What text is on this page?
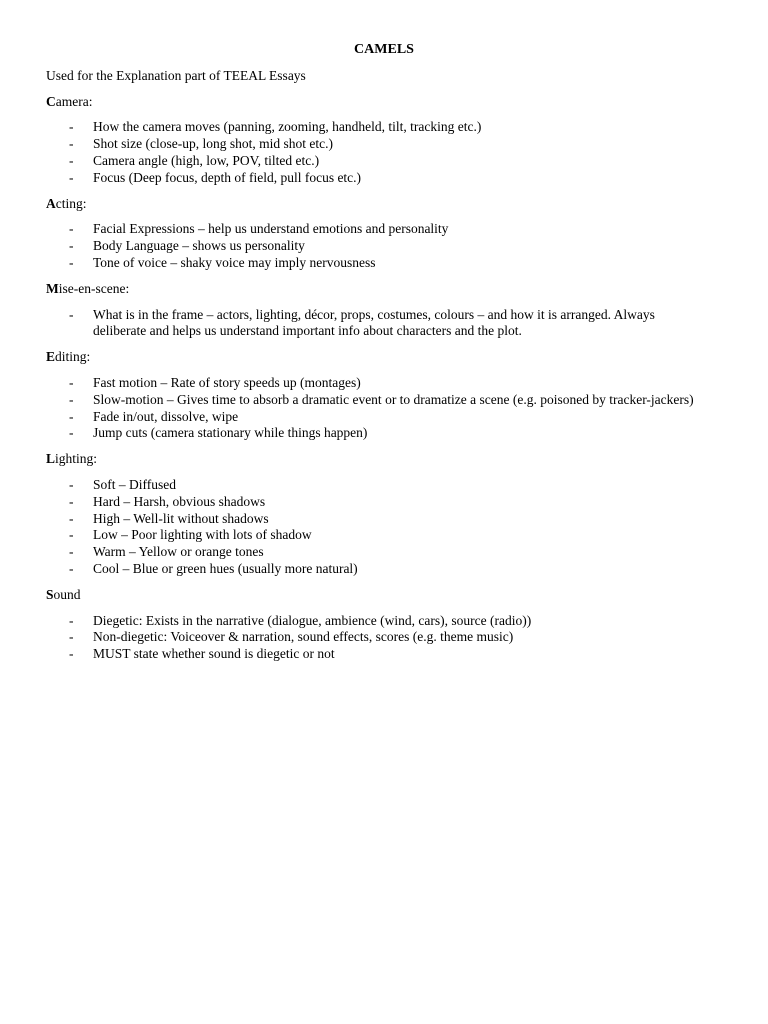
CAMELS
Used for the Explanation part of TEEAL Essays
Camera:
- How the camera moves (panning, zooming, handheld, tilt, tracking etc.)
- Shot size (close-up, long shot, mid shot etc.)
- Camera angle (high, low, POV, tilted etc.)
- Focus (Deep focus, depth of field, pull focus etc.)
Acting:
- Facial Expressions – help us understand emotions and personality
- Body Language – shows us personality
- Tone of voice – shaky voice may imply nervousness
Mise-en-scene:
- What is in the frame – actors, lighting, décor, props, costumes, colours – and how it is arranged. Always deliberate and helps us understand important info about characters and the plot.
Editing:
- Fast motion – Rate of story speeds up (montages)
- Slow-motion – Gives time to absorb a dramatic event or to dramatize a scene (e.g. poisoned by tracker-jackers)
- Fade in/out, dissolve, wipe
- Jump cuts (camera stationary while things happen)
Lighting:
- Soft – Diffused
- Hard – Harsh, obvious shadows
- High – Well-lit without shadows
- Low – Poor lighting with lots of shadow
- Warm – Yellow or orange tones
- Cool – Blue or green hues (usually more natural)
Sound
- Diegetic: Exists in the narrative (dialogue, ambience (wind, cars), source (radio))
- Non-diegetic: Voiceover & narration, sound effects, scores (e.g. theme music)
- MUST state whether sound is diegetic or not
